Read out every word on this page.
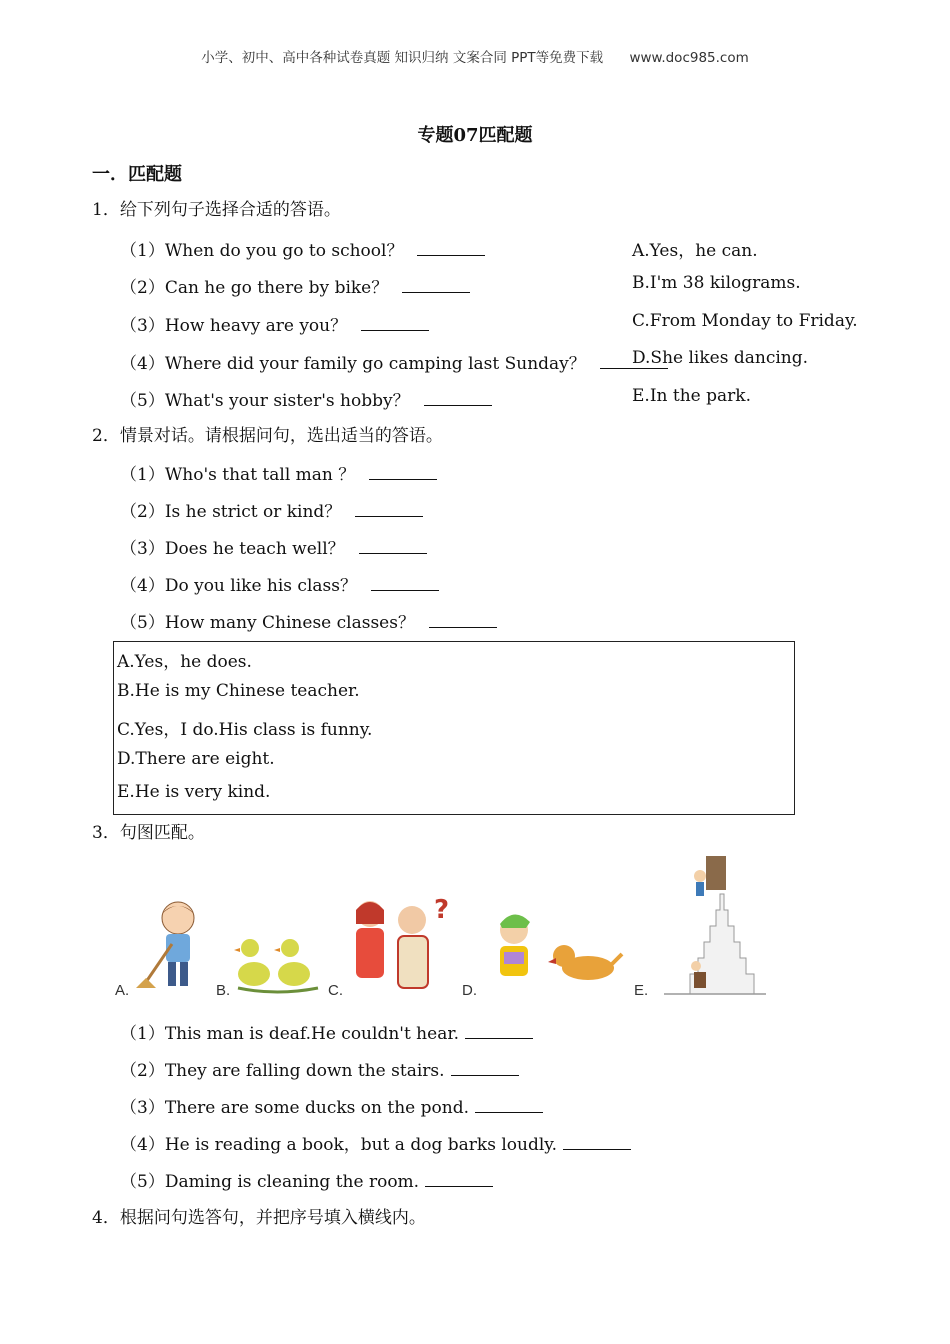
小学、初中、高中各种试卷真题 知识归纳 文案合同 PPT等免费下载 www.doc985.com
专题07匹配题
一．匹配题
1．给下列句子选择合适的答语。
（1）When do you go to school？
（2）Can he go there by bike？
（3）How heavy are you？
（4）Where did your family go camping last Sunday？
（5）What's your sister's hobby？
A.Yes，he can.
B.I'm 38 kilograms.
C.From Monday to Friday.
D.She likes dancing.
E.In the park.
2．情景对话。请根据问句，选出适当的答语。
（1）Who's that tall man ？
（2）Is he strict or kind？
（3）Does he teach well？
（4）Do you like his class？
（5）How many Chinese classes？
A.Yes，he does.
B.He is my Chinese teacher.
C.Yes，I do.His class is funny.
D.There are eight.
E.He is very kind.
3．句图匹配。
?
A.	B.	C.	D.	E.
（1）This man is deaf.He couldn't hear.
（2）They are falling down the stairs.
（3）There are some ducks on the pond.
（4）He is reading a book，but a dog barks loudly.
（5）Daming is cleaning the room.
4．根据问句选答句，并把序号填入横线内。
